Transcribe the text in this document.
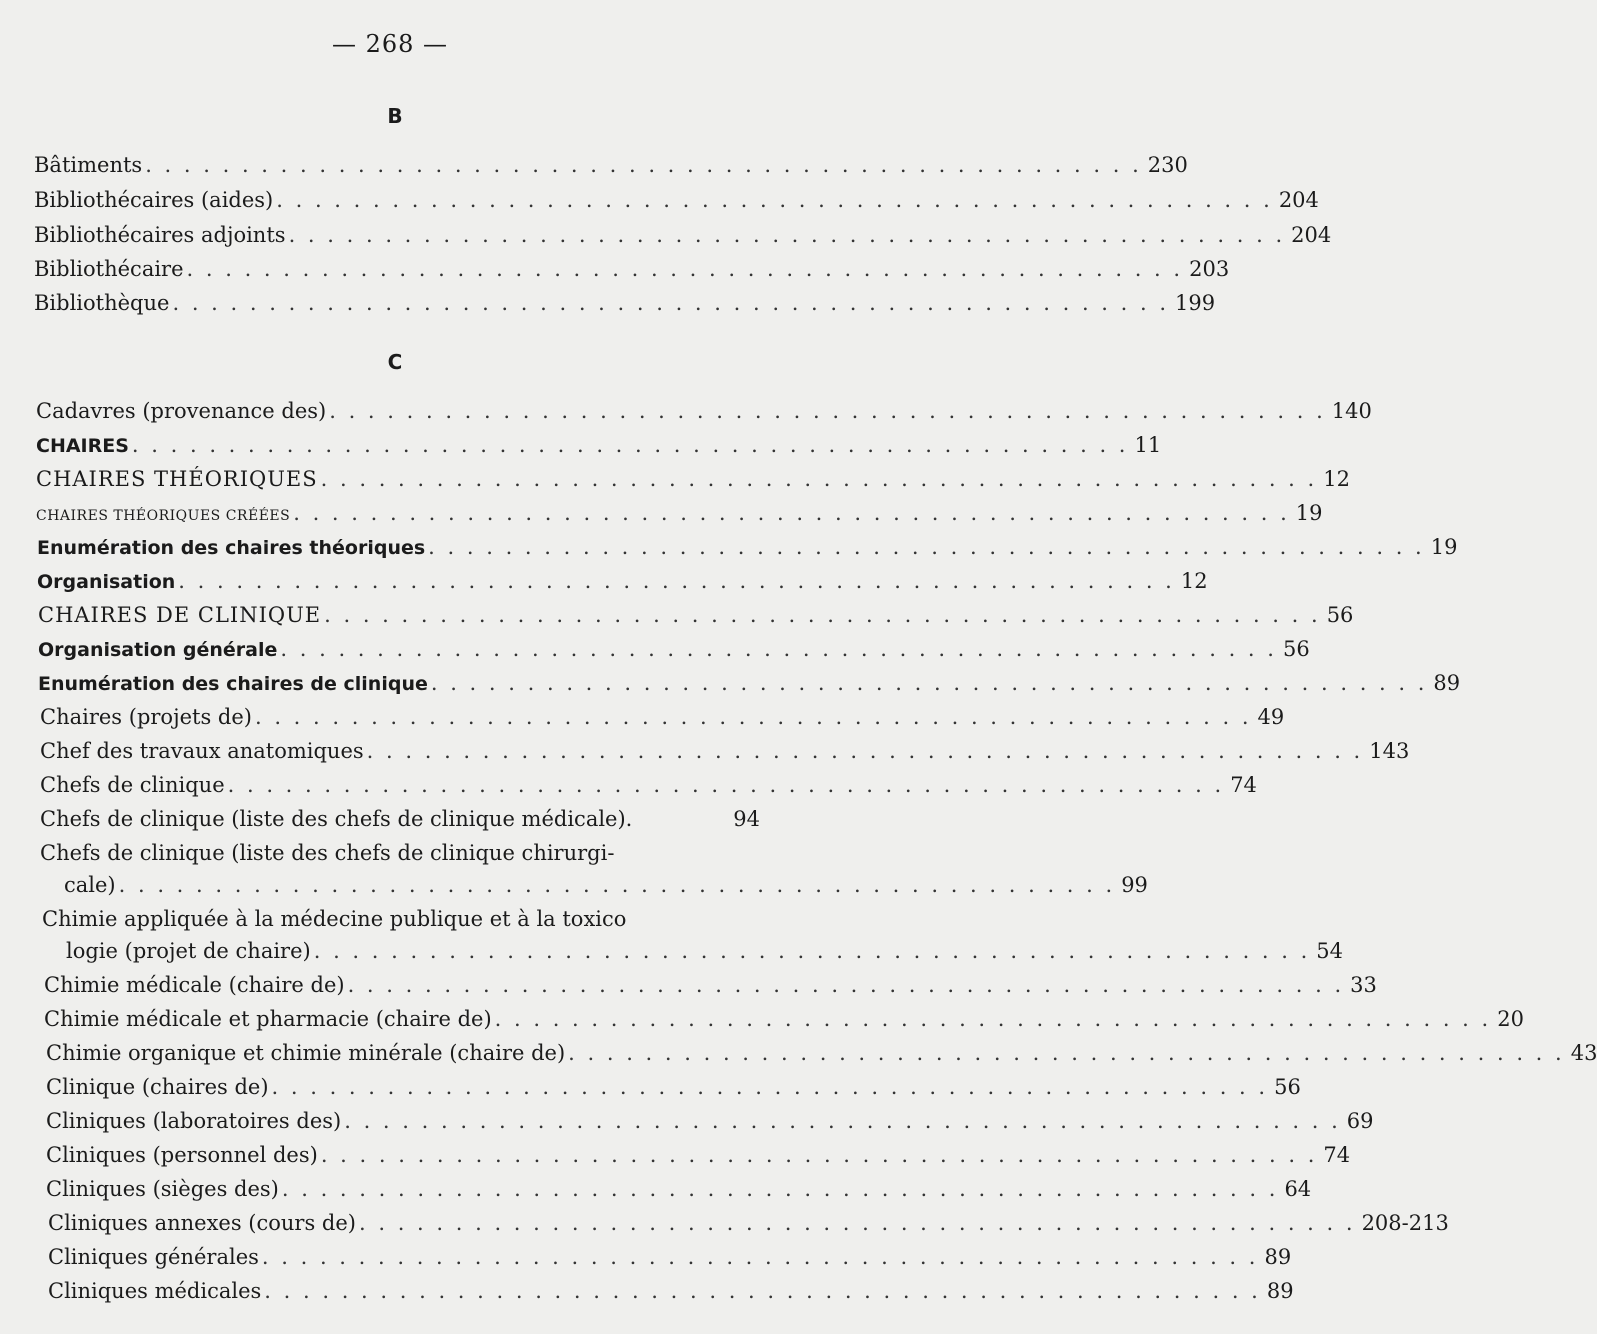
— 268 —
B
Bâtiments . . . . . . . . . . . . . . . . . . . . . . . . . . . . . . . . . . . . . . . . . . . . . . . . . . . . 230
Bibliothécaires (aides) . . . . . . . . . . . . . . . . . . . . . . . . . . . . . . . . . . . . . . . . . . . . . . . . . . . . 204
Bibliothécaires adjoints . . . . . . . . . . . . . . . . . . . . . . . . . . . . . . . . . . . . . . . . . . . . . . . . . . . . 204
Bibliothécaire . . . . . . . . . . . . . . . . . . . . . . . . . . . . . . . . . . . . . . . . . . . . . . . . . . . . 203
Bibliothèque . . . . . . . . . . . . . . . . . . . . . . . . . . . . . . . . . . . . . . . . . . . . . . . . . . . . 199
C
Cadavres (provenance des) . . . . . . . . . . . . . . . . . . . . . . . . . . . . . . . . . . . . . . . . . . . . . . . . . . . . 140
CHAIRES . . . . . . . . . . . . . . . . . . . . . . . . . . . . . . . . . . . . . . . . . . . . . . . . . . . . 11
CHAIRES THÉORIQUES . . . . . . . . . . . . . . . . . . . . . . . . . . . . . . . . . . . . . . . . . . . . . . . . . . . . 12
CHAIRES THÉORIQUES CRÉÉES . . . . . . . . . . . . . . . . . . . . . . . . . . . . . . . . . . . . . . . . . . . . . . . . . . . . 19
Enumération des chaires théoriques . . . . . . . . . . . . . . . . . . . . . . . . . . . . . . . . . . . . . . . . . . . . . . . . . . . . 19
Organisation . . . . . . . . . . . . . . . . . . . . . . . . . . . . . . . . . . . . . . . . . . . . . . . . . . . . 12
CHAIRES DE CLINIQUE . . . . . . . . . . . . . . . . . . . . . . . . . . . . . . . . . . . . . . . . . . . . . . . . . . . . 56
Organisation générale . . . . . . . . . . . . . . . . . . . . . . . . . . . . . . . . . . . . . . . . . . . . . . . . . . . . 56
Enumération des chaires de clinique . . . . . . . . . . . . . . . . . . . . . . . . . . . . . . . . . . . . . . . . . . . . . . . . . . . . 89
Chaires (projets de) . . . . . . . . . . . . . . . . . . . . . . . . . . . . . . . . . . . . . . . . . . . . . . . . . . . . 49
Chef des travaux anatomiques . . . . . . . . . . . . . . . . . . . . . . . . . . . . . . . . . . . . . . . . . . . . . . . . . . . . 143
Chefs de clinique . . . . . . . . . . . . . . . . . . . . . . . . . . . . . . . . . . . . . . . . . . . . . . . . . . . . 74
Chefs de clinique (liste des chefs de clinique médicale).	94
Chefs de clinique (liste des chefs de clinique chirurgi-
cale) . . . . . . . . . . . . . . . . . . . . . . . . . . . . . . . . . . . . . . . . . . . . . . . . . . . . 99
Chimie appliquée à la médecine publique et à la toxico
logie (projet de chaire) . . . . . . . . . . . . . . . . . . . . . . . . . . . . . . . . . . . . . . . . . . . . . . . . . . . . 54
Chimie médicale (chaire de) . . . . . . . . . . . . . . . . . . . . . . . . . . . . . . . . . . . . . . . . . . . . . . . . . . . . 33
Chimie médicale et pharmacie (chaire de) . . . . . . . . . . . . . . . . . . . . . . . . . . . . . . . . . . . . . . . . . . . . . . . . . . . . 20
Chimie organique et chimie minérale (chaire de) . . . . . . . . . . . . . . . . . . . . . . . . . . . . . . . . . . . . . . . . . . . . . . . . . . . . 43
Clinique (chaires de) . . . . . . . . . . . . . . . . . . . . . . . . . . . . . . . . . . . . . . . . . . . . . . . . . . . . 56
Cliniques (laboratoires des) . . . . . . . . . . . . . . . . . . . . . . . . . . . . . . . . . . . . . . . . . . . . . . . . . . . . 69
Cliniques (personnel des) . . . . . . . . . . . . . . . . . . . . . . . . . . . . . . . . . . . . . . . . . . . . . . . . . . . . 74
Cliniques (sièges des) . . . . . . . . . . . . . . . . . . . . . . . . . . . . . . . . . . . . . . . . . . . . . . . . . . . . 64
Cliniques annexes (cours de) . . . . . . . . . . . . . . . . . . . . . . . . . . . . . . . . . . . . . . . . . . . . . . . . . . . . 208-213
Cliniques générales . . . . . . . . . . . . . . . . . . . . . . . . . . . . . . . . . . . . . . . . . . . . . . . . . . . . 89
Cliniques médicales . . . . . . . . . . . . . . . . . . . . . . . . . . . . . . . . . . . . . . . . . . . . . . . . . . . . 89
